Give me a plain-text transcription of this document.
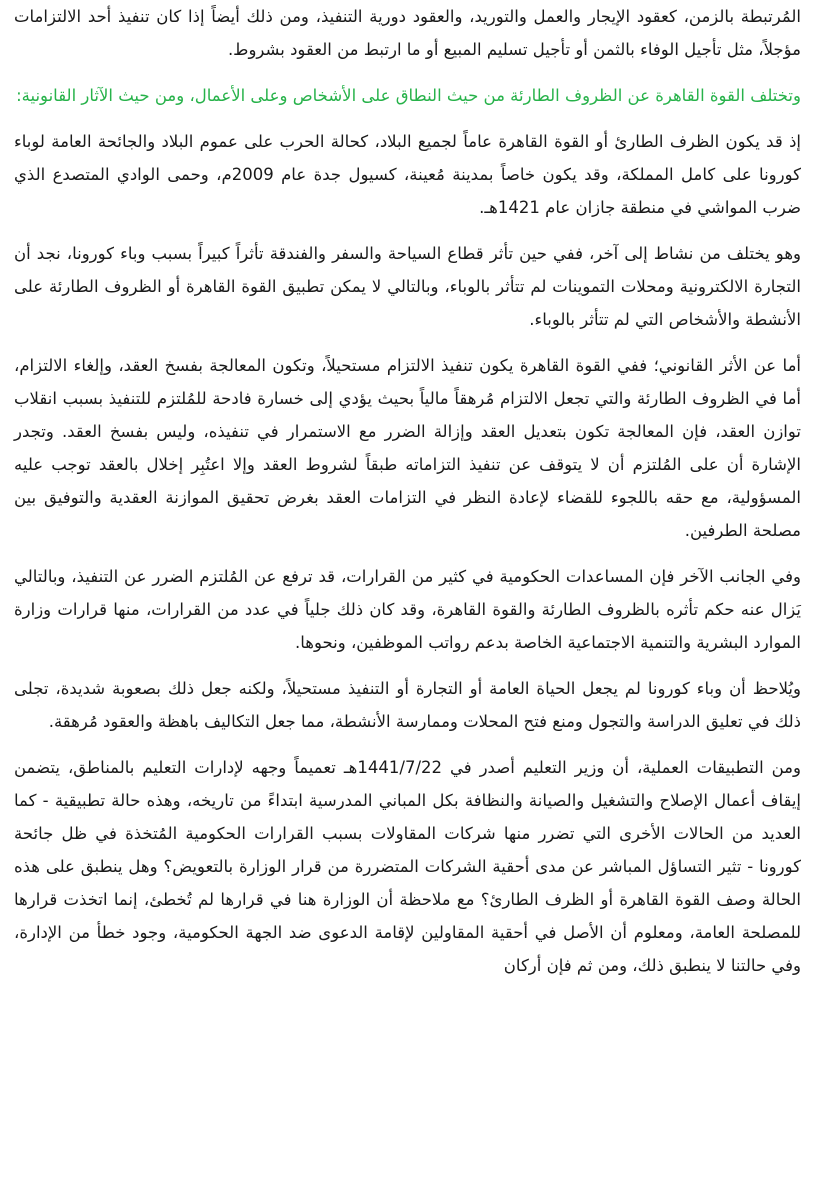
المُرتبطة بالزمن، كعقود الإيجار والعمل والتوريد، والعقود دورية التنفيذ، ومن ذلك أيضاً إذا كان تنفيذ أحد الالتزامات مؤجلاً، مثل تأجيل الوفاء بالثمن أو تأجيل تسليم المبيع أو ما ارتبط من العقود بشروط.

وتختلف القوة القاهرة عن الظروف الطارئة من حيث النطاق على الأشخاص وعلى الأعمال، ومن حيث الآثار القانونية:

إذ قد يكون الظرف الطارئ أو القوة القاهرة عاماً لجميع البلاد، كحالة الحرب على عموم البلاد والجائحة العامة لوباء كورونا على كامل المملكة، وقد يكون خاصاً بمدينة مُعينة، كسيول جدة عام 2009م، وحمى الوادي المتصدع الذي ضرب المواشي في منطقة جازان عام 1421هـ.

وهو يختلف من نشاط إلى آخر، ففي حين تأثر قطاع السياحة والسفر والفندقة تأثراً كبيراً بسبب وباء كورونا، نجد أن التجارة الالكترونية ومحلات التموينات لم تتأثر بالوباء، وبالتالي لا يمكن تطبيق القوة القاهرة أو الظروف الطارئة على الأنشطة والأشخاص التي لم تتأثر بالوباء.

أما عن الأثر القانوني؛ ففي القوة القاهرة يكون تنفيذ الالتزام مستحيلاً، وتكون المعالجة بفسخ العقد، وإلغاء الالتزام، أما في الظروف الطارئة والتي تجعل الالتزام مُرهقاً مالياً بحيث يؤدي إلى خسارة فادحة للمُلتزم للتنفيذ بسبب انقلاب توازن العقد، فإن المعالجة تكون بتعديل العقد وإزالة الضرر مع الاستمرار في تنفيذه، وليس بفسخ العقد. وتجدر الإشارة أن على المُلتزم أن لا يتوقف عن تنفيذ التزاماته طبقاً لشروط العقد وإلا اعتُبِر إخلال بالعقد توجب عليه المسؤولية، مع حقه باللجوء للقضاء لإعادة النظر في التزامات العقد بغرض تحقيق الموازنة العقدية والتوفيق بين مصلحة الطرفين.

وفي الجانب الآخر فإن المساعدات الحكومية في كثير من القرارات، قد ترفع عن المُلتزم الضرر عن التنفيذ، وبالتالي يَزال عنه حكم تأثره بالظروف الطارئة والقوة القاهرة، وقد كان ذلك جلياً في عدد من القرارات، منها قرارات وزارة الموارد البشرية والتنمية الاجتماعية الخاصة بدعم رواتب الموظفين، ونحوها.

ويُلاحظ أن وباء كورونا لم يجعل الحياة العامة أو التجارة أو التنفيذ مستحيلاً، ولكنه جعل ذلك بصعوبة شديدة، تجلى ذلك في تعليق الدراسة والتجول ومنع فتح المحلات وممارسة الأنشطة، مما جعل التكاليف باهظة والعقود مُرهقة.

ومن التطبيقات العملية، أن وزير التعليم أصدر في 1441/7/22هـ تعميماً وجهه لإدارات التعليم بالمناطق، يتضمن إيقاف أعمال الإصلاح والتشغيل والصيانة والنظافة بكل المباني المدرسية ابتداءً من تاريخه، وهذه حالة تطبيقية - كما العديد من الحالات الأخرى التي تضرر منها شركات المقاولات بسبب القرارات الحكومية المُتخذة في ظل جائحة كورونا - تثير التساؤل المباشر عن مدى أحقية الشركات المتضررة من قرار الوزارة بالتعويض؟ وهل ينطبق على هذه الحالة وصف القوة القاهرة أو الظرف الطارئ؟ مع ملاحظة أن الوزارة هنا في قرارها لم تُخطئ، إنما اتخذت قرارها للمصلحة العامة، ومعلوم أن الأصل في أحقية المقاولين لإقامة الدعوى ضد الجهة الحكومية، وجود خطأ من الإدارة، وفي حالتنا لا ينطبق ذلك، ومن ثم فإن أركان
